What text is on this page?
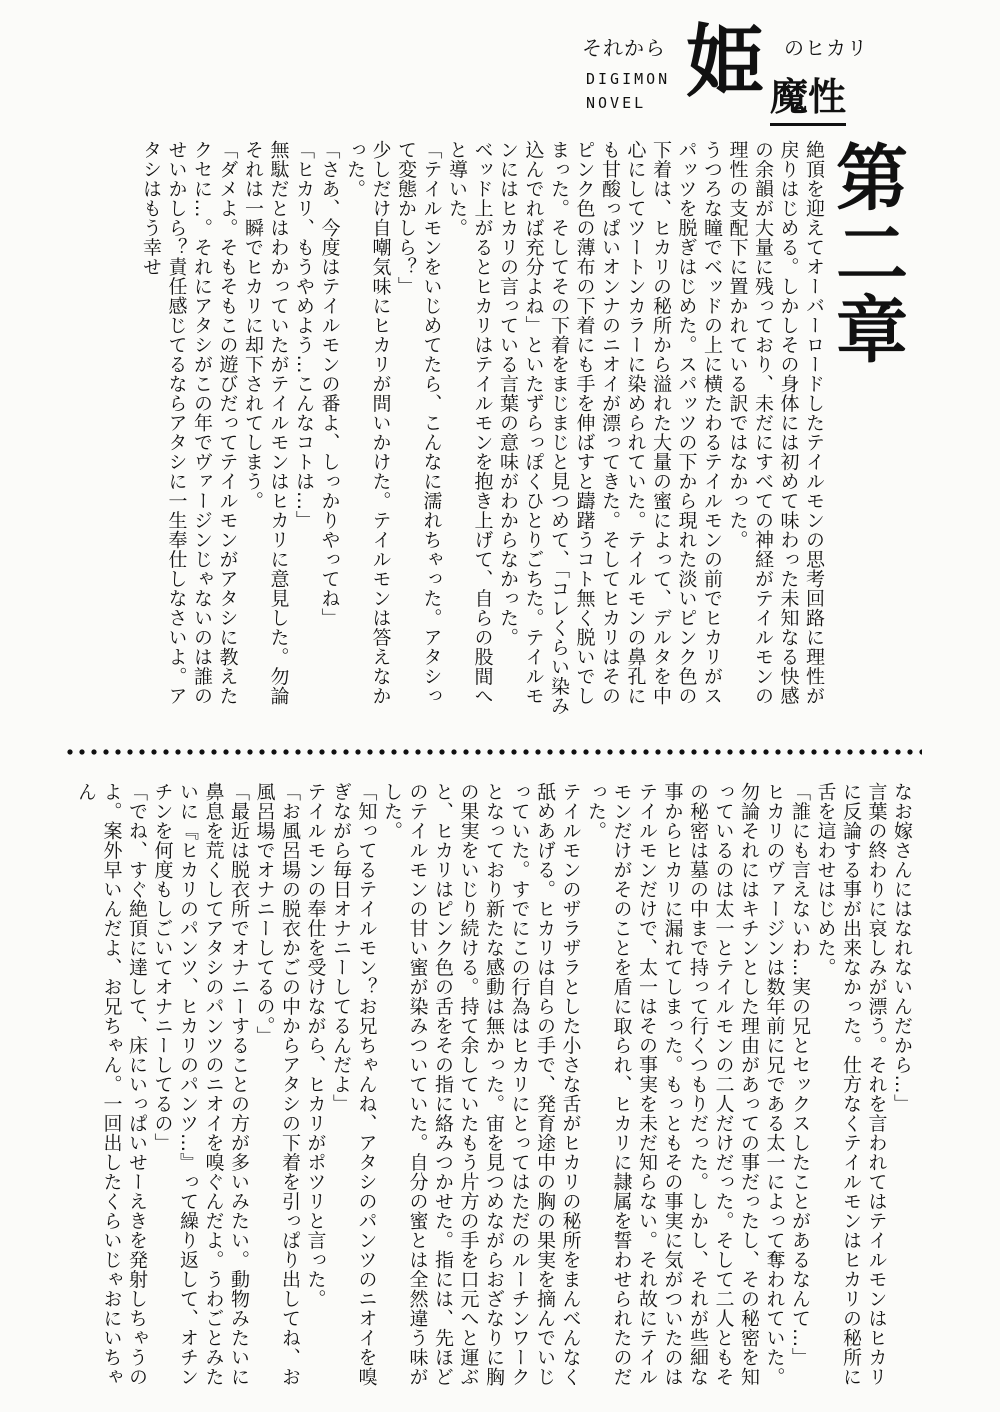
それから	のヒカリ
姫
DIGIMON
NOVEL	魔性
第二章

絶頂を迎えてオーバーロードしたテイルモンの思考回路に理性が戻りはじめる。しかしその身体には初めて味わった未知なる快感の余韻が大量に残っており、未だにすべての神経がテイルモンの理性の支配下に置かれている訳ではなかった。

うつろな瞳でベッドの上に横たわるテイルモンの前でヒカリがスパッツを脱ぎはじめた。スパッツの下から現れた淡いピンク色の下着は、ヒカリの秘所から溢れた大量の蜜によって、デルタを中心にしてツートンカラーに染められていた。テイルモンの鼻孔にも甘酸っぱいオンナのニオイが漂ってきた。そしてヒカリはそのピンク色の薄布の下着にも手を伸ばすと躊躇うコト無く脱いでしまった。そしてその下着をまじまじと見つめて、「コレくらい染み込んでれば充分よね」といたずらっぽくひとりごちた。テイルモンにはヒカリの言っている言葉の意味がわからなかった。

ベッド上がるとヒカリはテイルモンを抱き上げて、自らの股間へと導いた。

「テイルモンをいじめてたら、こんなに濡れちゃった。アタシって変態かしら？」

少しだけ自嘲気味にヒカリが問いかけた。テイルモンは答えなかった。

「さあ、今度はテイルモンの番よ、しっかりやってね」

「ヒカリ、もうやめよう…こんなコトは…」

無駄だとはわかっていたがテイルモンはヒカリに意見した。勿論それは一瞬でヒカリに却下されてしまう。

「ダメよ。そもそもこの遊びだってテイルモンがアタシに教えたクセに…。それにアタシがこの年でヴァージンじゃないのは誰のせいかしら？責任感じてるならアタシに一生奉仕しなさいよ。アタシはもう幸せ

なお嫁さんにはなれないんだから…」

言葉の終わりに哀しみが漂う。それを言われてはテイルモンはヒカリに反論する事が出来なかった。仕方なくテイルモンはヒカリの秘所に舌を這わせはじめた。

「誰にも言えないわ…実の兄とセックスしたことがあるなんて…」

ヒカリのヴァージンは数年前に兄である太一によって奪われていた。勿論それにはキチンとした理由があっての事だったし、その秘密を知っているのは太一とテイルモンの二人だけだった。そして二人ともその秘密は墓の中まで持って行くつもりだった。しかし、それが些細な事からヒカリに漏れてしまった。もっともその事実に気がついたのはテイルモンだけで、太一はその事実を未だ知らない。それ故にテイルモンだけがそのことを盾に取られ、ヒカリに隷属を誓わせられたのだった。

テイルモンのザラザラとした小さな舌がヒカリの秘所をまんべんなく舐めあげる。ヒカリは自らの手で、発育途中の胸の果実を摘んでいじっていた。すでにこの行為はヒカリにとってはただのルーチンワークとなっており新たな感動は無かった。宙を見つめながらおざなりに胸の果実をいじり続ける。持て余していたもう片方の手を口元へと運ぶと、ヒカリはピンク色の舌をその指に絡みつかせた。指には、先ほどのテイルモンの甘い蜜が染みついていた。自分の蜜とは全然違う味がした。

「知ってるテイルモン？お兄ちゃんね、アタシのパンツのニオイを嗅ぎながら毎日オナニーしてるんだよ」

テイルモンの奉仕を受けながら、ヒカリがポツリと言った。

「お風呂場の脱衣かごの中からアタシの下着を引っぱり出してね、お風呂場でオナニーしてるの。」

「最近は脱衣所でオナニーすることの方が多いみたい。動物みたいに鼻息を荒くしてアタシのパンツのニオイを嗅ぐんだよ。うわごとみたいに『ヒカリのパンツ、ヒカリのパンツ…』って繰り返して、オチンチンを何度もしごいてオナニーしてるの」

「でね、すぐ絶頂に達して、床にいっぱいせーえきを発射しちゃうのよ。案外早いんだよ、お兄ちゃん。一回出したくらいじゃおにいちゃん
